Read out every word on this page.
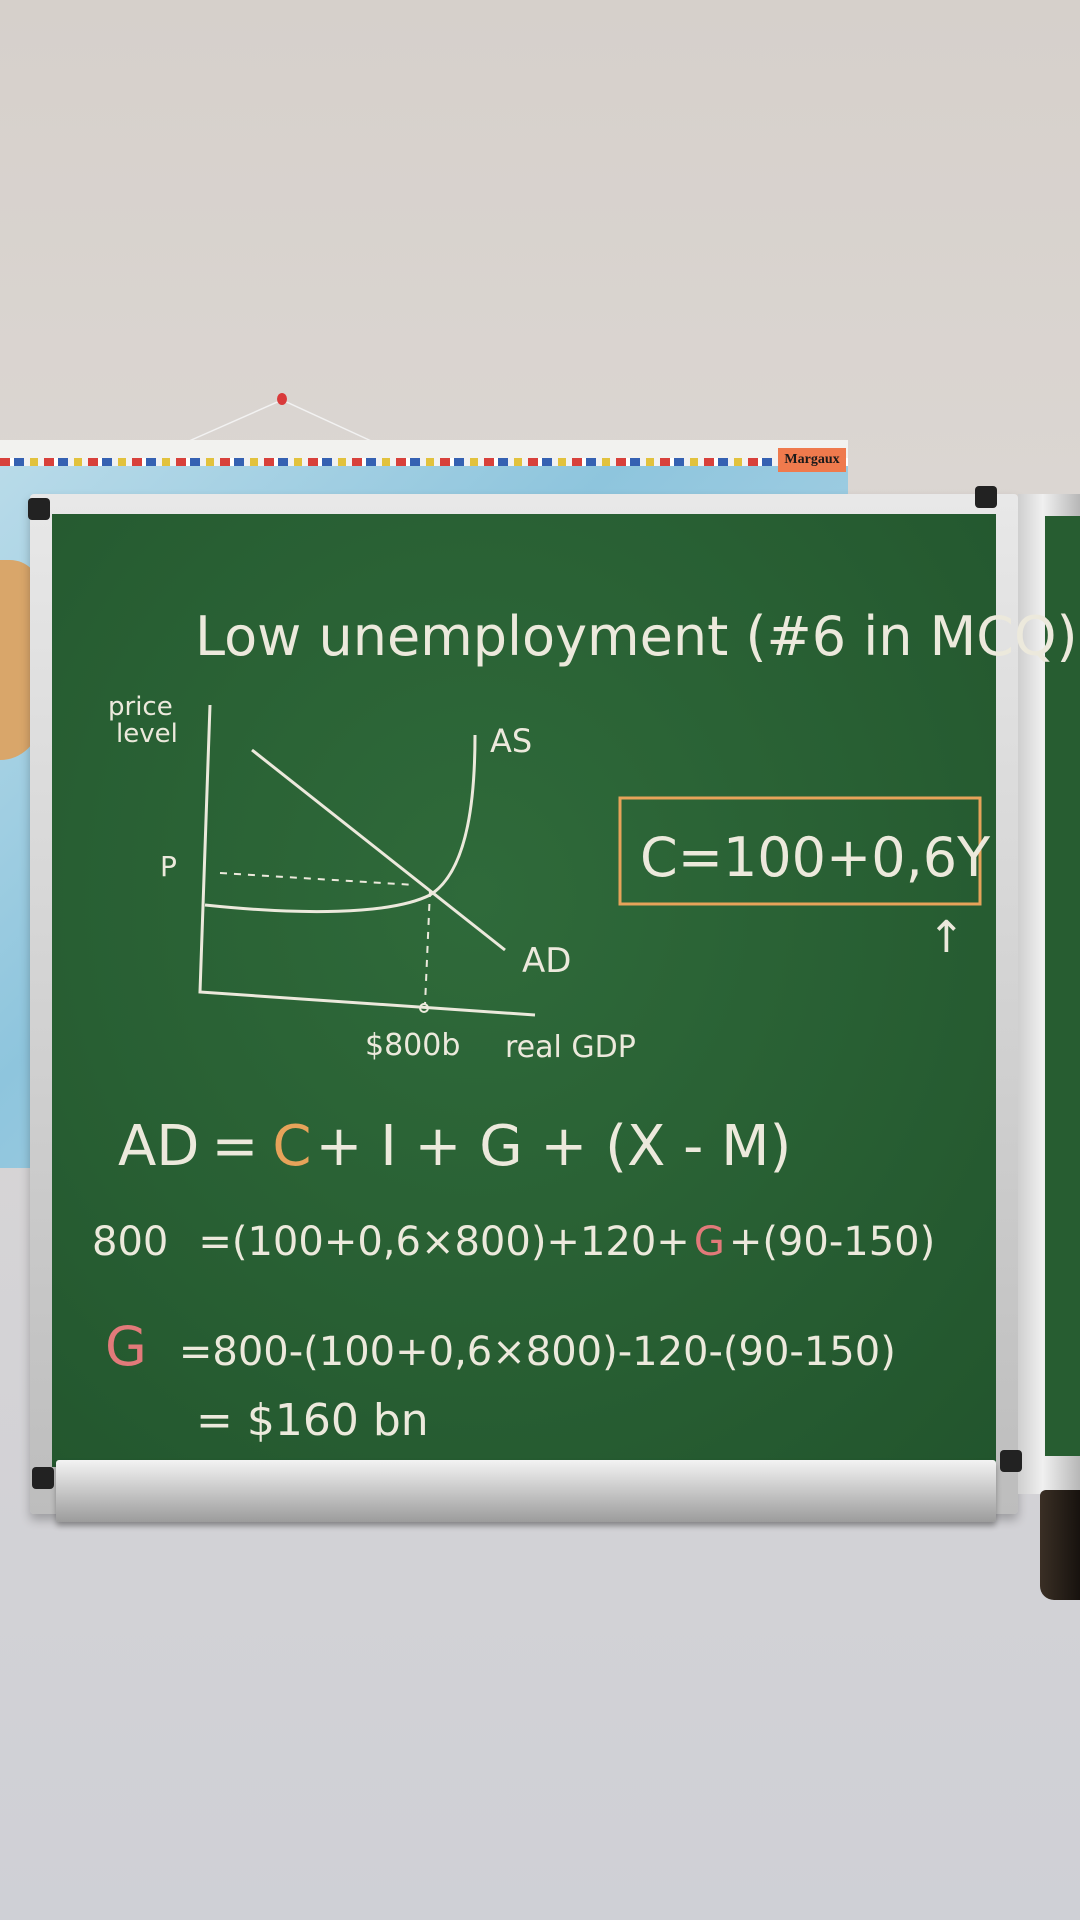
Margaux
Low unemployment (#6 in MCQ)
price
level	AS
AD
P
$800b real GDP
C=100+0,6Y
↑
AD = C+ I + G + (X - M)
800 =(100+0,6×800)+120+ G +(90-150)
G =800-(100+0,6×800)-120-(90-150)
= $160 bn
